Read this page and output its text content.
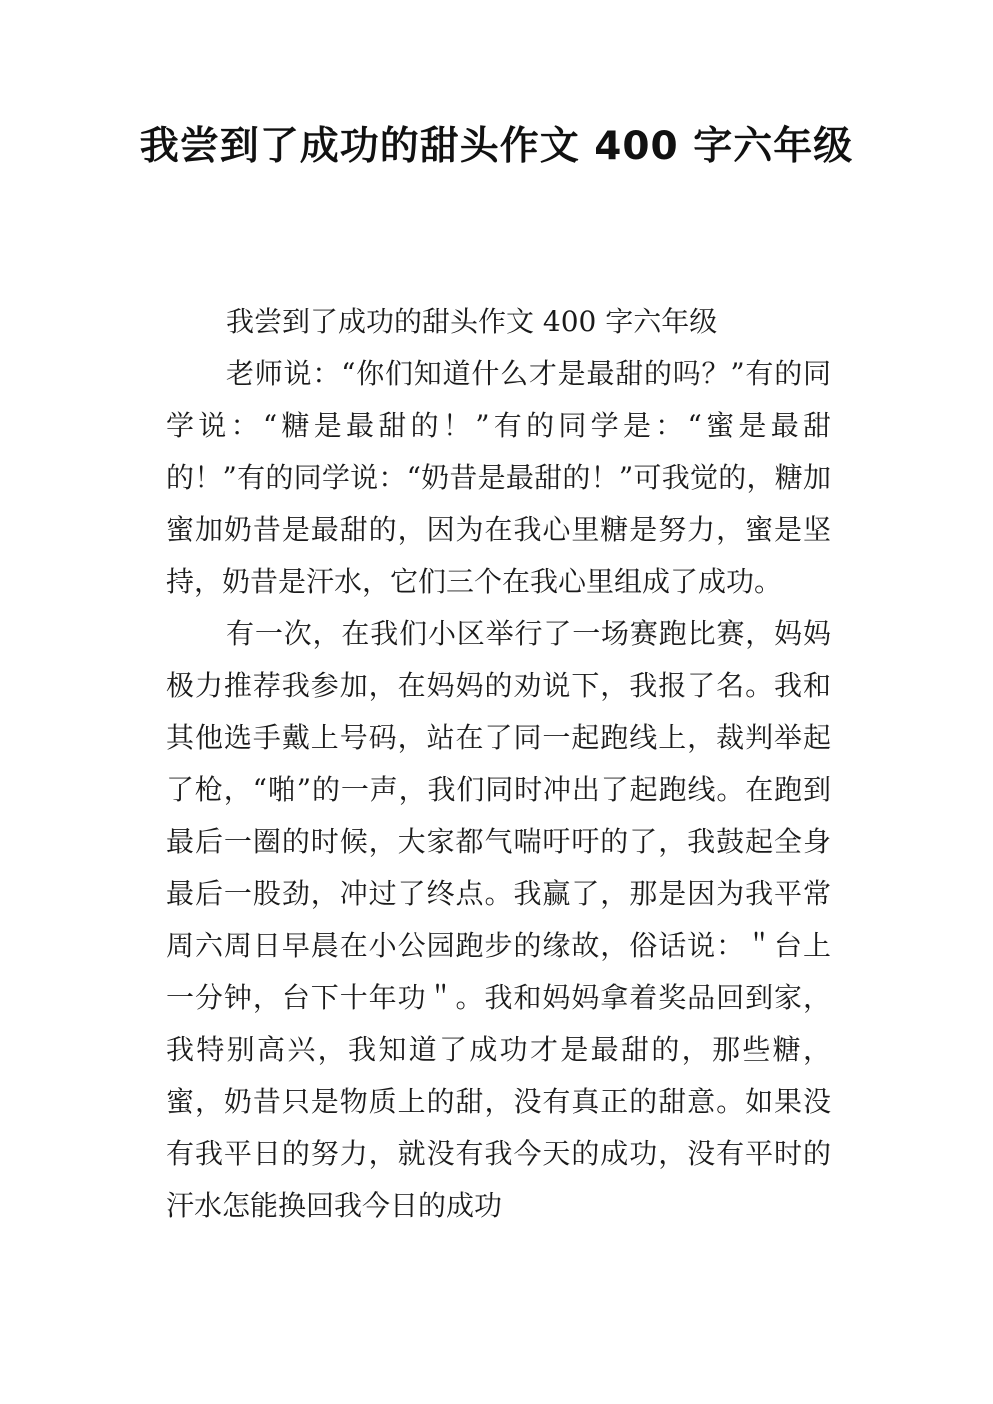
我尝到了成功的甜头作文 400 字六年级

我尝到了成功的甜头作文 400 字六年级

老师说：“你们知道什么才是最甜的吗？”有的同学说：“糖是最甜的！”有的同学是：“蜜是最甜的！”有的同学说：“奶昔是最甜的！”可我觉的，糖加蜜加奶昔是最甜的，因为在我心里糖是努力，蜜是坚持，奶昔是汗水，它们三个在我心里组成了成功。

有一次，在我们小区举行了一场赛跑比赛，妈妈极力推荐我参加，在妈妈的劝说下，我报了名。我和其他选手戴上号码，站在了同一起跑线上，裁判举起了枪，“啪”的一声，我们同时冲出了起跑线。在跑到最后一圈的时候，大家都气喘吁吁的了，我鼓起全身最后一股劲，冲过了终点。我赢了，那是因为我平常周六周日早晨在小公园跑步的缘故，俗话说：＂台上一分钟，台下十年功＂。我和妈妈拿着奖品回到家，我特别高兴，我知道了成功才是最甜的，那些糖，蜜，奶昔只是物质上的甜，没有真正的甜意。如果没有我平日的努力，就没有我今天的成功，没有平时的汗水怎能换回我今日的成功
